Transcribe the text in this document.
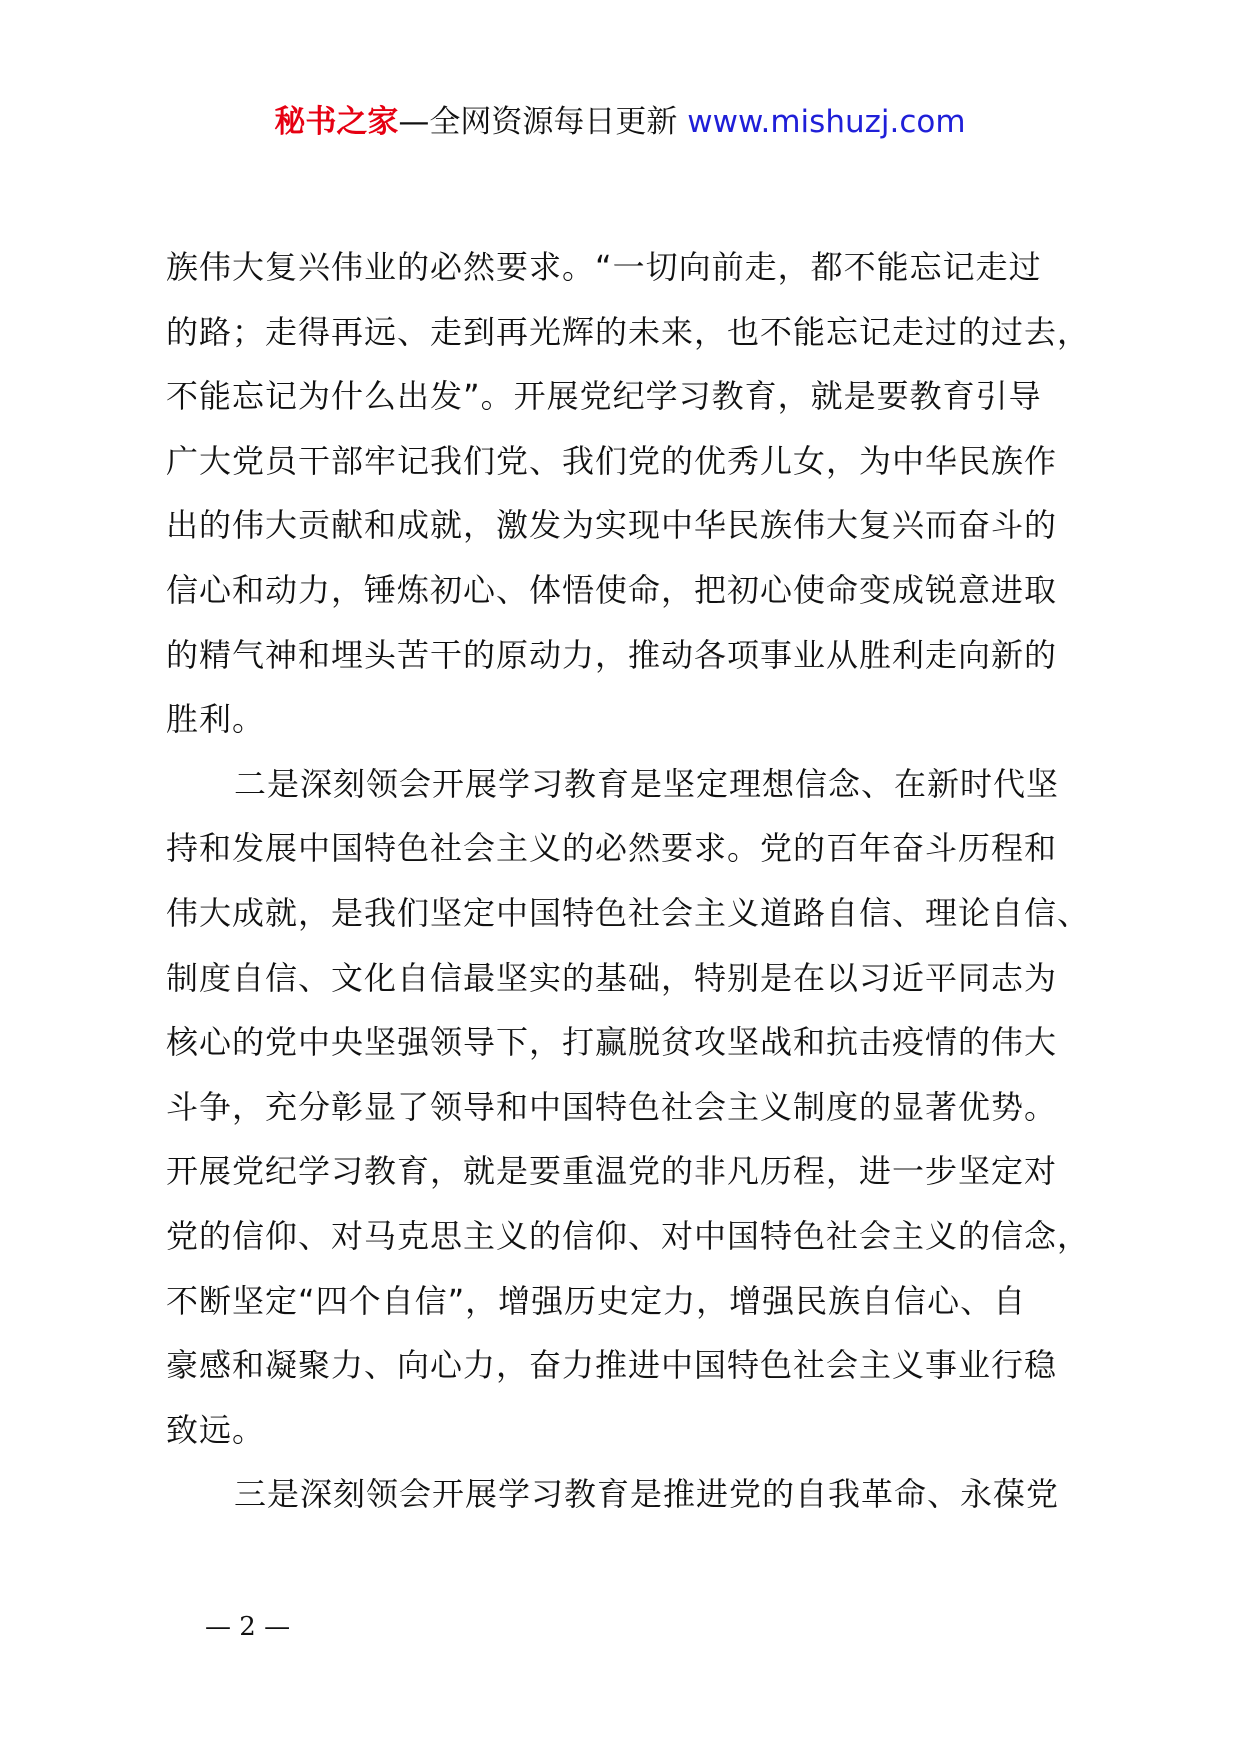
秘书之家—全网资源每日更新 www.mishuzj.com

族伟大复兴伟业的必然要求。“一切向前走，都不能忘记走过
的路；走得再远、走到再光辉的未来，也不能忘记走过的过去，
不能忘记为什么出发”。开展党纪学习教育，就是要教育引导
广大党员干部牢记我们党、我们党的优秀儿女，为中华民族作
出的伟大贡献和成就，激发为实现中华民族伟大复兴而奋斗的
信心和动力，锤炼初心、体悟使命，把初心使命变成锐意进取
的精气神和埋头苦干的原动力，推动各项事业从胜利走向新的
胜利。

二是深刻领会开展学习教育是坚定理想信念、在新时代坚
持和发展中国特色社会主义的必然要求。党的百年奋斗历程和
伟大成就，是我们坚定中国特色社会主义道路自信、理论自信、
制度自信、文化自信最坚实的基础，特别是在以习近平同志为
核心的党中央坚强领导下，打赢脱贫攻坚战和抗击疫情的伟大
斗争，充分彰显了领导和中国特色社会主义制度的显著优势。
开展党纪学习教育，就是要重温党的非凡历程，进一步坚定对
党的信仰、对马克思主义的信仰、对中国特色社会主义的信念，
不断坚定“四个自信”，增强历史定力，增强民族自信心、自
豪感和凝聚力、向心力，奋力推进中国特色社会主义事业行稳
致远。

三是深刻领会开展学习教育是推进党的自我革命、永葆党

— 2 —
